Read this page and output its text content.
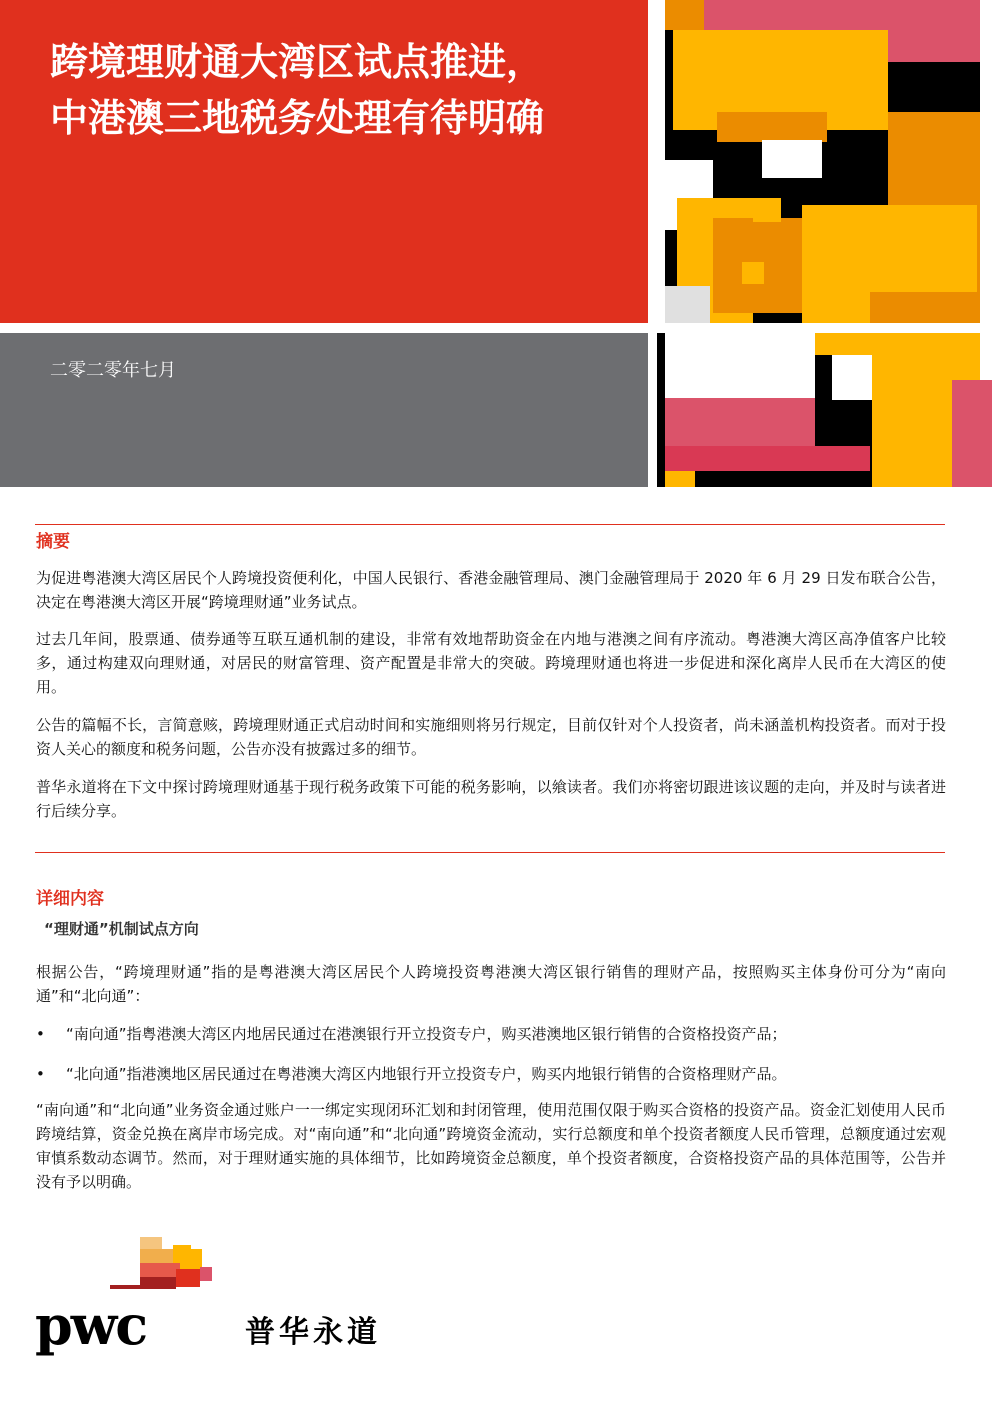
跨境理财通大湾区试点推进，
中港澳三地税务处理有待明确
二零二零年七月
摘要

为促进粤港澳大湾区居民个人跨境投资便利化，中国人民银行、香港金融管理局、澳门金融管理局于 2020 年 6 月 29 日发布联合公告，决定在粤港澳大湾区开展“跨境理财通”业务试点。

过去几年间，股票通、债券通等互联互通机制的建设，非常有效地帮助资金在内地与港澳之间有序流动。粤港澳大湾区高净值客户比较多，通过构建双向理财通，对居民的财富管理、资产配置是非常大的突破。跨境理财通也将进一步促进和深化离岸人民币在大湾区的使用。

公告的篇幅不长，言简意赅，跨境理财通正式启动时间和实施细则将另行规定，目前仅针对个人投资者，尚未涵盖机构投资者。而对于投资人关心的额度和税务问题，公告亦没有披露过多的细节。

普华永道将在下文中探讨跨境理财通基于现行税务政策下可能的税务影响，以飨读者。我们亦将密切跟进该议题的走向，并及时与读者进行后续分享。

详细内容
“理财通”机制试点方向

根据公告，“跨境理财通”指的是粤港澳大湾区居民个人跨境投资粤港澳大湾区银行销售的理财产品，按照购买主体身份可分为“南向通”和“北向通”：

• “南向通”指粤港澳大湾区内地居民通过在港澳银行开立投资专户，购买港澳地区银行销售的合资格投资产品；
• “北向通”指港澳地区居民通过在粤港澳大湾区内地银行开立投资专户，购买内地银行销售的合资格理财产品。

“南向通”和“北向通”业务资金通过账户一一绑定实现闭环汇划和封闭管理，使用范围仅限于购买合资格的投资产品。资金汇划使用人民币跨境结算，资金兑换在离岸市场完成。对“南向通”和“北向通”跨境资金流动，实行总额度和单个投资者额度人民币管理，总额度通过宏观审慎系数动态调节。然而，对于理财通实施的具体细节，比如跨境资金总额度，单个投资者额度，合资格投资产品的具体范围等，公告并没有予以明确。

pwc	普华永道
